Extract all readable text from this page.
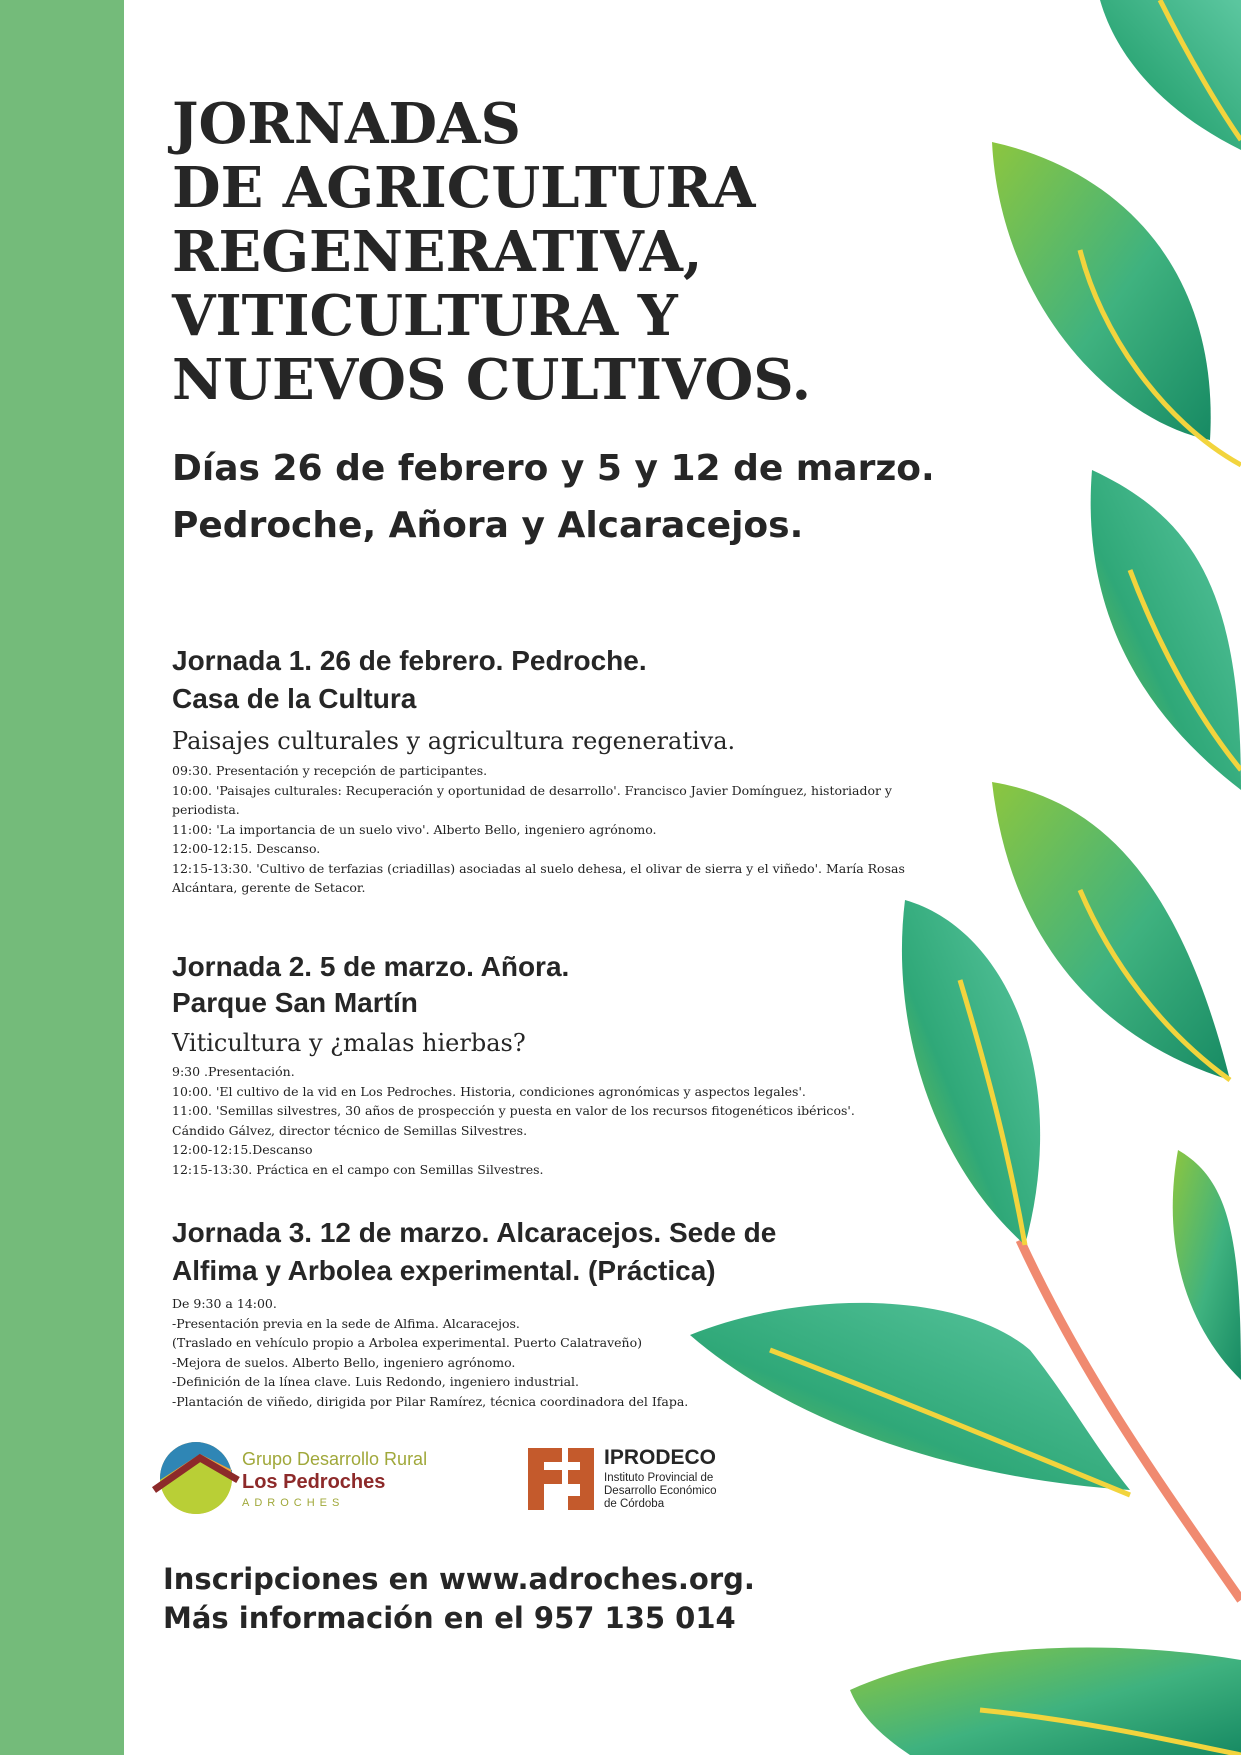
JORNADAS
DE AGRICULTURA
REGENERATIVA,
VITICULTURA Y
NUEVOS CULTIVOS.

Días 26 de febrero y 5 y 12 de marzo.

Pedroche, Añora y Alcaracejos.

Jornada 1. 26 de febrero. Pedroche.
Casa de la Cultura
Paisajes culturales y agricultura regenerativa.
09:30. Presentación y recepción de participantes.
10:00. 'Paisajes culturales: Recuperación y oportunidad de desarrollo'. Francisco Javier Domínguez, historiador y periodista.
11:00: 'La importancia de un suelo vivo'. Alberto Bello, ingeniero agrónomo.
12:00-12:15. Descanso.
12:15-13:30. 'Cultivo de terfazias (criadillas) asociadas al suelo dehesa, el olivar de sierra y el viñedo'. María Rosas Alcántara, gerente de Setacor.
Jornada 2. 5 de marzo. Añora.
Parque San Martín
Viticultura y ¿malas hierbas?
9:30 .Presentación.
10:00. 'El cultivo de la vid en Los Pedroches. Historia, condiciones agronómicas y aspectos legales'.
11:00. 'Semillas silvestres, 30 años de prospección y puesta en valor de los recursos fitogenéticos ibéricos'.
Cándido Gálvez, director técnico de Semillas Silvestres.
12:00-12:15.Descanso
12:15-13:30. Práctica en el campo con Semillas Silvestres.
Jornada 3. 12 de marzo. Alcaracejos. Sede de
Alfima y Arbolea experimental. (Práctica)
De 9:30 a 14:00.
-Presentación previa en la sede de Alfima. Alcaracejos.
(Traslado en vehículo propio a Arbolea experimental. Puerto Calatraveño)
-Mejora de suelos. Alberto Bello, ingeniero agrónomo.
-Definición de la línea clave. Luis Redondo, ingeniero industrial.
-Plantación de viñedo, dirigida por Pilar Ramírez, técnica coordinadora del Ifapa.
Grupo Desarrollo Rural
Los Pedroches
ADROCHES
IPRODECO
Instituto Provincial de
Desarrollo Económico
de Córdoba

Inscripciones en www.adroches.org.
Más información en el 957 135 014
